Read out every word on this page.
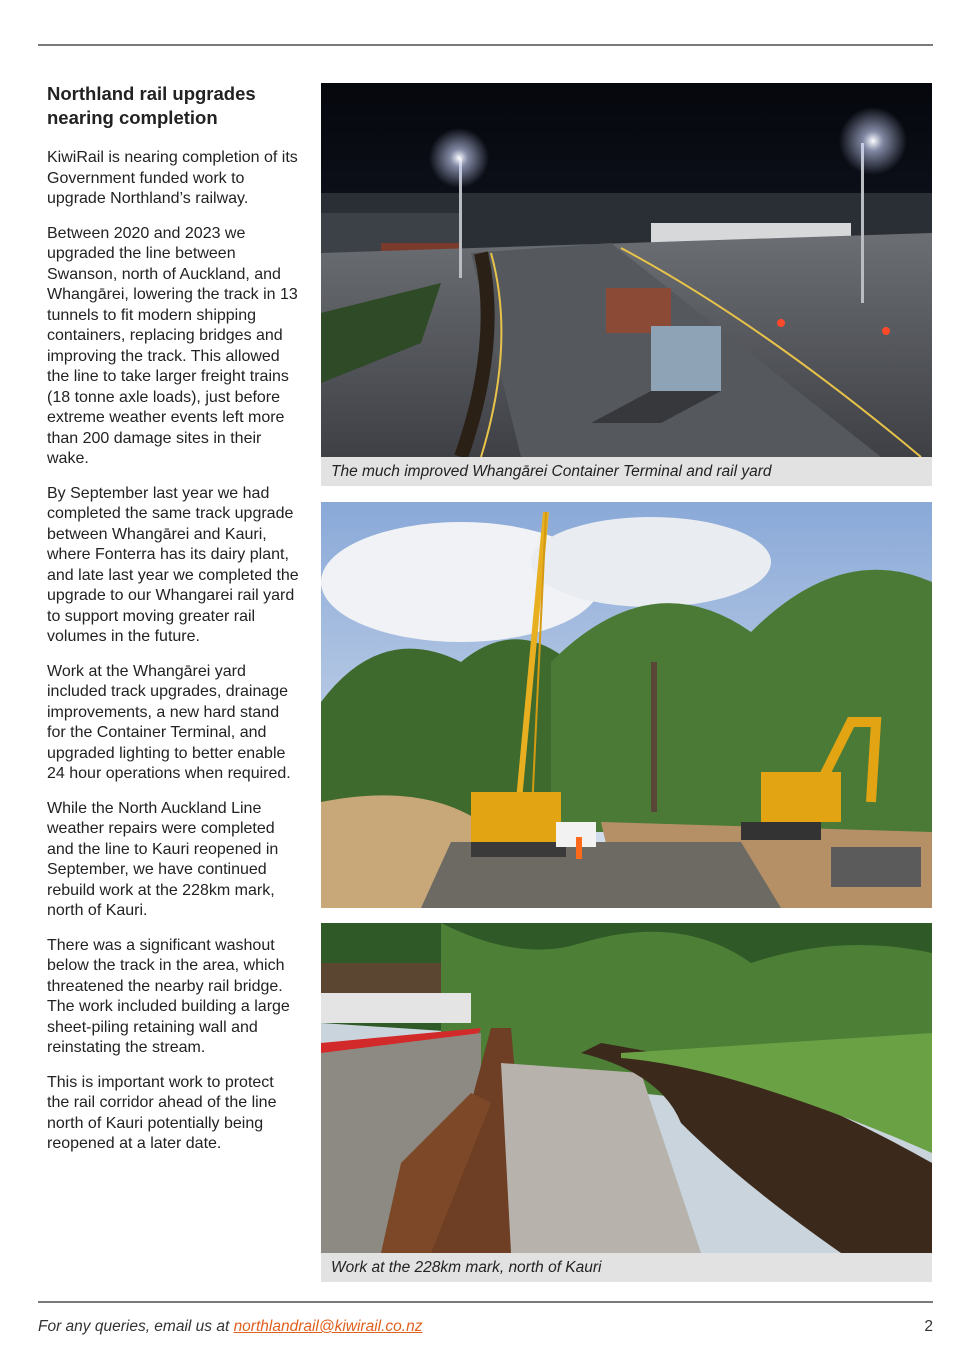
Northland rail upgrades nearing completion

KiwiRail is nearing completion of its Government funded work to upgrade Northland’s railway.

Between 2020 and 2023 we upgraded the line between Swanson, north of Auckland, and Whangārei, lowering the track in 13 tunnels to fit modern shipping containers, replacing bridges and improving the track. This allowed the line to take larger freight trains (18 tonne axle loads), just before extreme weather events left more than 200 damage sites in their wake.

By September last year we had completed the same track upgrade between Whangārei and Kauri, where Fonterra has its dairy plant, and late last year we completed the upgrade to our Whangarei rail yard to support moving greater rail volumes in the future.

Work at the Whangārei yard included track upgrades, drainage improvements, a new hard stand for the Container Terminal, and upgraded lighting to better enable 24 hour operations when required.

While the North Auckland Line weather repairs were completed and the line to Kauri reopened in September, we have continued rebuild work at the 228km mark, north of Kauri.

There was a significant washout below the track in the area, which threatened the nearby rail bridge. The work included building a large sheet-piling retaining wall and reinstating the stream.

This is important work to protect the rail corridor ahead of the line north of Kauri potentially being reopened at a later date.

The much improved Whangārei Container Terminal and rail yard
Work at the 228km mark, north of Kauri
For any queries, email us at northlandrail@kiwirail.co.nz	2
